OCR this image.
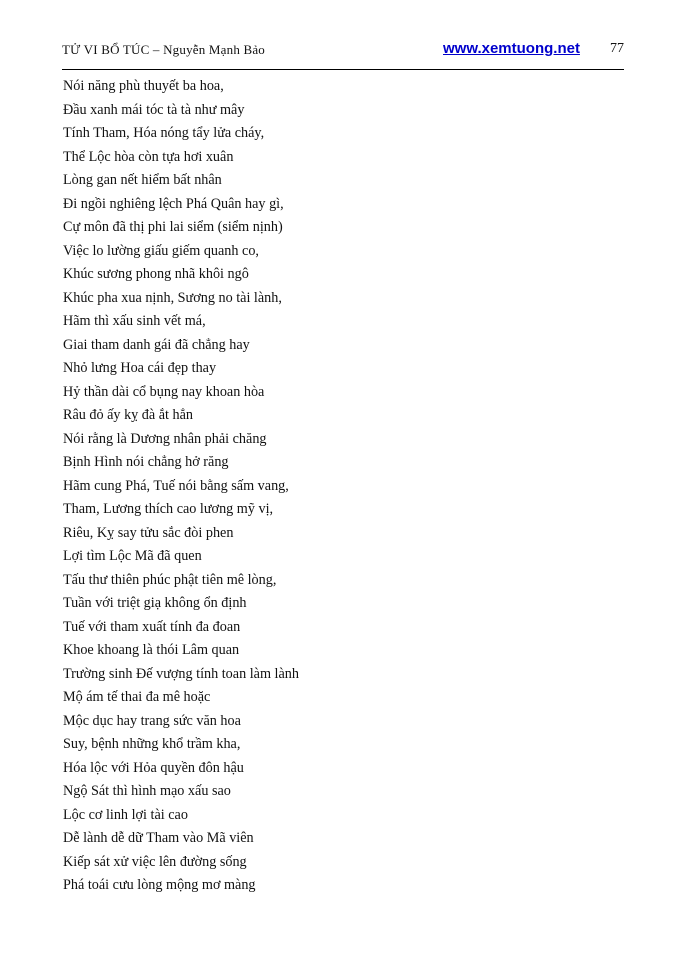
TỬ VI BỔ TÚC – Nguyễn Mạnh Bảo	www.xemtuong.net 77
Nói năng phù thuyết ba hoa,
Đầu xanh mái tóc tà tà như mây
Tính Tham, Hóa nóng tẩy lửa cháy,
Thể Lộc hòa còn tựa hơi xuân
Lòng gan nết hiểm bất nhân
Đi ngồi nghiêng lệch Phá Quân hay gì,
Cự môn đã thị phi lai siểm (siểm nịnh)
Việc lo lường giấu giếm quanh co,
Khúc sương phong nhã khôi ngô
Khúc pha xua nịnh, Sương no tài lành,
Hãm thì xấu sinh vết má,
Giai tham danh gái đã chẳng hay
Nhỏ lưng Hoa cái đẹp thay
Hỷ thần dài cổ bụng nay khoan hòa
Râu đỏ ấy kỵ đà ắt hẳn
Nói rằng là Dương nhân phải chăng
Bịnh Hình nói chẳng hở răng
Hãm cung Phá, Tuế nói bằng sấm vang,
Tham, Lương thích cao lương mỹ vị,
Riêu, Kỵ say tửu sắc đòi phen
Lợi tìm Lộc Mã đã quen
Tấu thư thiên phúc phật tiên mê lòng,
Tuần với triệt giạ không ổn định
Tuế với tham xuất tính đa đoan
Khoe khoang là thói Lâm quan
Trường sinh Đế vượng tính toan làm lành
Mộ ám tế thai đa mê hoặc
Mộc dục hay trang sức văn hoa
Suy, bệnh những khổ trầm kha,
Hóa lộc với Hỏa quyền đôn hậu
Ngộ Sát thì hình mạo xấu sao
Lộc cơ linh lợi tài cao
Dễ lành dễ dữ Tham vào Mã viên
Kiếp sát xử việc lên đường sống
Phá toái cưu lòng mộng mơ màng
